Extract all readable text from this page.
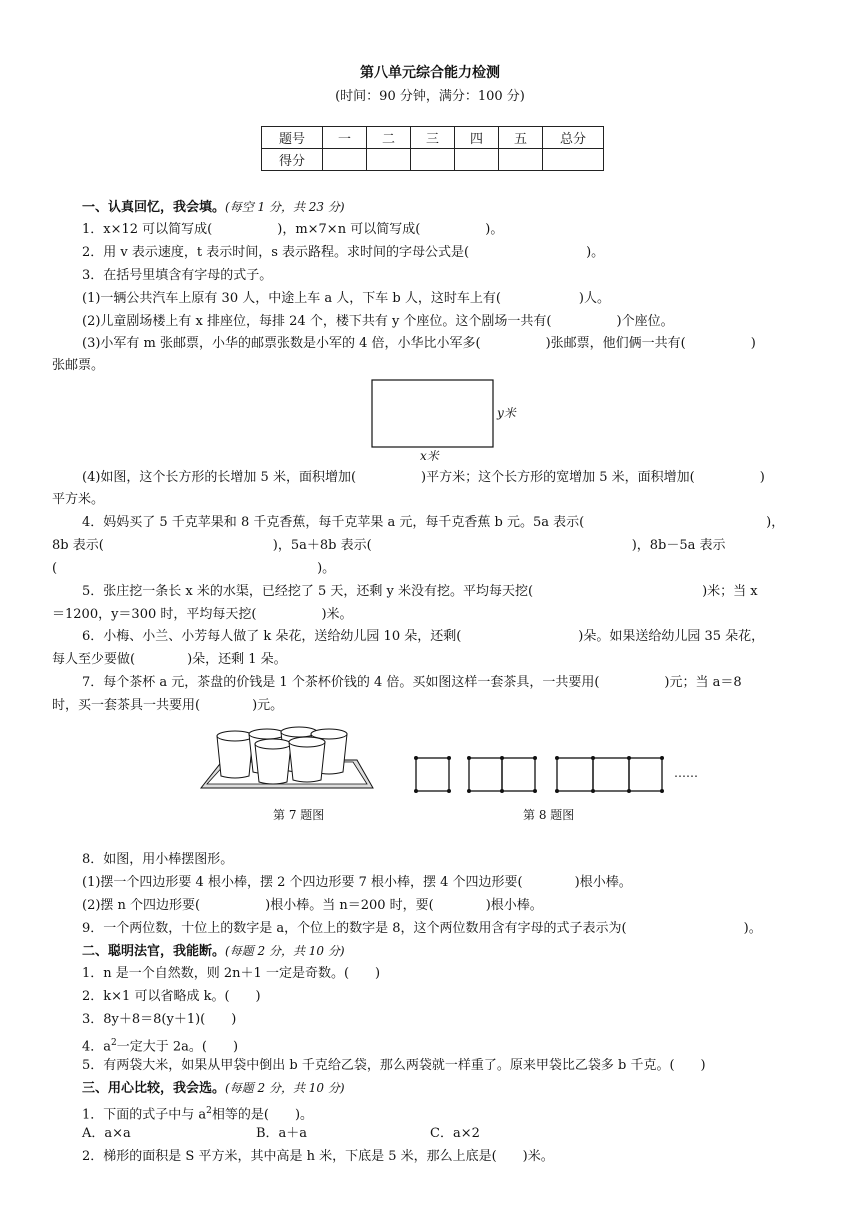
第八单元综合能力检测
(时间：90 分钟，满分：100 分)
题号	一	二	三	四	五	总分
得分						
一、认真回忆，我会填。(每空 1 分，共 23 分)
1．x×12 可以简写成(　　　　　)，m×7×n 可以简写成(　　　　　)。
2．用 v 表示速度，t 表示时间，s 表示路程。求时间的字母公式是(　　　　　　　　　)。
3．在括号里填含有字母的式子。
(1)一辆公共汽车上原有 30 人，中途上车 a 人，下车 b 人，这时车上有(　　　　　　)人。
(2)儿童剧场楼上有 x 排座位，每排 24 个，楼下共有 y 个座位。这个剧场一共有(　　　　　)个座位。
(3)小军有 m 张邮票，小华的邮票张数是小军的 4 倍，小华比小军多(　　　　　)张邮票，他们俩一共有(　　　　　)
张邮票。
y米
x米
(4)如图，这个长方形的长增加 5 米，面积增加(　　　　　)平方米；这个长方形的宽增加 5 米，面积增加(　　　　　)
平方米。
4．妈妈买了 5 千克苹果和 8 千克香蕉，每千克苹果 a 元，每千克香蕉 b 元。5a 表示(　　　　　　　　　　　　　　)，
8b 表示(　　　　　　　　　　　　　)，5a＋8b 表示(　　　　　　　　　　　　　　　　　　　　)，8b－5a 表示
(　　　　　　　　　　　　　　　　　　　　)。
5．张庄挖一条长 x 米的水渠，已经挖了 5 天，还剩 y 米没有挖。平均每天挖(　　　　　　　　　　　　　)米；当 x
＝1200，y＝300 时，平均每天挖(　　　　　)米。
6．小梅、小兰、小芳每人做了 k 朵花，送给幼儿园 10 朵，还剩(　　　　　　　　　)朵。如果送给幼儿园 35 朵花，
每人至少要做(　　　　)朵，还剩 1 朵。
7．每个茶杯 a 元，茶盘的价钱是 1 个茶杯价钱的 4 倍。买如图这样一套茶具，一共要用(　　　　　)元；当 a＝8
时，买一套茶具一共要用(　　　　)元。
……
第 7 题图	第 8 题图
8．如图，用小棒摆图形。
(1)摆一个四边形要 4 根小棒，摆 2 个四边形要 7 根小棒，摆 4 个四边形要(　　　　)根小棒。
(2)摆 n 个四边形要(　　　　　)根小棒。当 n＝200 时，要(　　　　)根小棒。
9．一个两位数，十位上的数字是 a，个位上的数字是 8，这个两位数用含有字母的式子表示为(　　　　　　　　　)。
二、聪明法官，我能断。(每题 2 分，共 10 分)
1．n 是一个自然数，则 2n＋1 一定是奇数。(　　)
2．k×1 可以省略成 k。(　　)
3．8y＋8＝8(y＋1)(　　)
4．$a^2$一定大于 2a。(　　)
5．有两袋大米，如果从甲袋中倒出 b 千克给乙袋，那么两袋就一样重了。原来甲袋比乙袋多 b 千克。(　　)
三、用心比较，我会选。(每题 2 分，共 10 分)
1．下面的式子中与 $a^2$相等的是(　　)。
A．a×a	B．a＋a	C．a×2
2．梯形的面积是 S 平方米，其中高是 h 米，下底是 5 米，那么上底是(　　)米。
